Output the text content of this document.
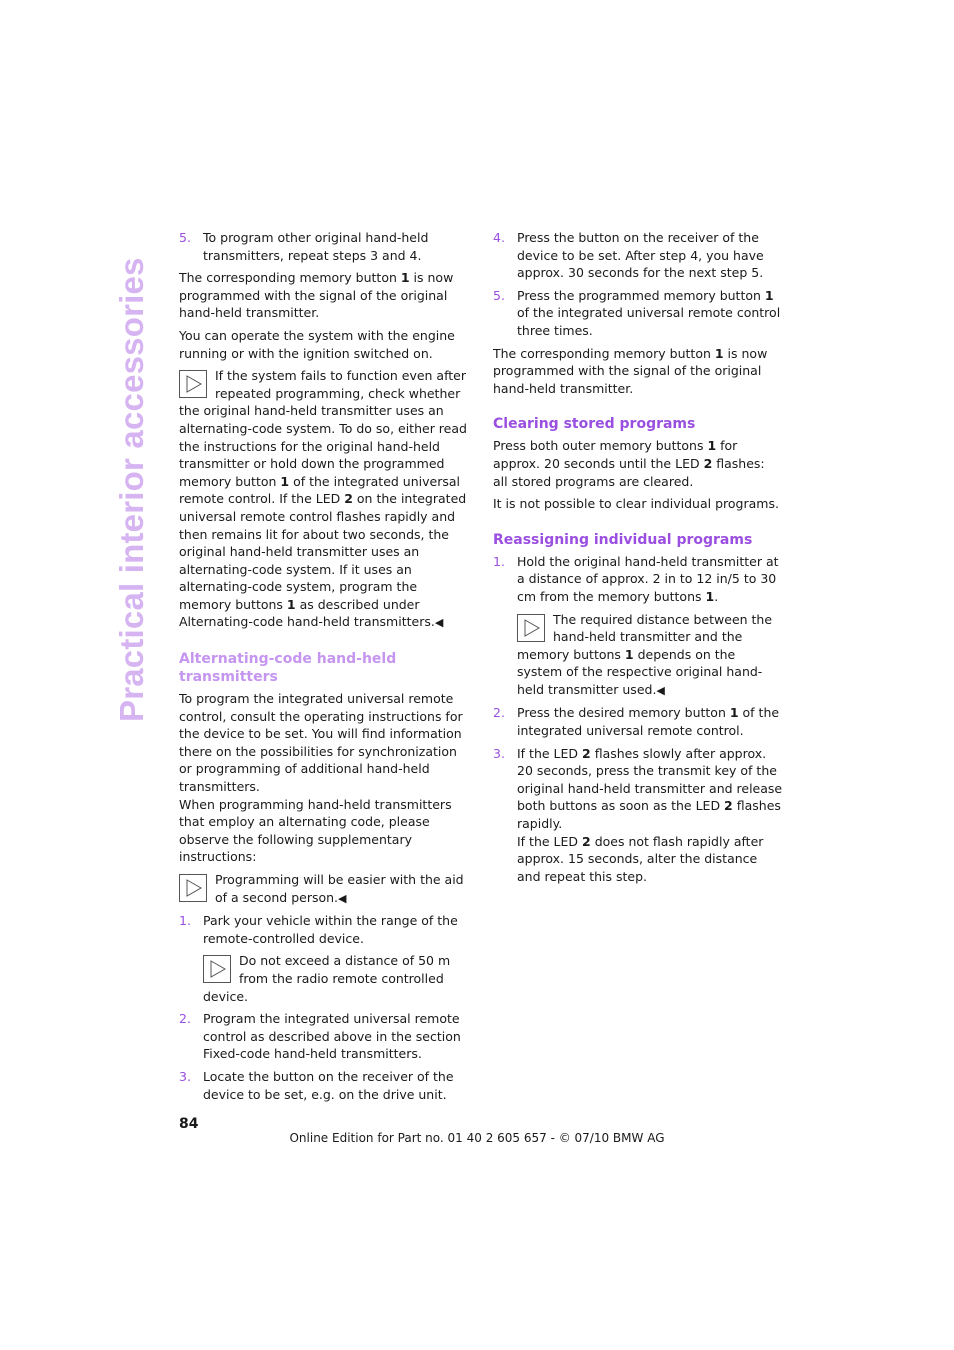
Practical interior accessories
5. To program other original hand-held transmitters, repeat steps 3 and 4.

The corresponding memory button 1 is now programmed with the signal of the original hand-held transmitter.

You can operate the system with the engine running or with the ignition switched on.

If the system fails to function even after repeated programming, check whether the original hand-held transmitter uses an alternating-code system. To do so, either read the instructions for the original hand-held transmitter or hold down the programmed memory button 1 of the integrated universal remote control. If the LED 2 on the integrated universal remote control flashes rapidly and then remains lit for about two seconds, the original hand-held transmitter uses an alternating-code system. If it uses an alternating-code system, program the memory buttons 1 as described under Alternating-code hand-held transmitters.◀
Alternating-code hand-held transmitters

To program the integrated universal remote control, consult the operating instructions for the device to be set. You will find information there on the possibilities for synchronization or programming of additional hand-held transmitters.

When programming hand-held transmitters that employ an alternating code, please observe the following supplementary instructions:

Programming will be easier with the aid of a second person.◀
1. Park your vehicle within the range of the remote-controlled device.
Do not exceed a distance of 50 m from the radio remote controlled device.
2. Program the integrated universal remote control as described above in the section Fixed-code hand-held transmitters.
3. Locate the button on the receiver of the device to be set, e.g. on the drive unit.
4. Press the button on the receiver of the device to be set. After step 4, you have approx. 30 seconds for the next step 5.
5. Press the programmed memory button 1 of the integrated universal remote control three times.

The corresponding memory button 1 is now programmed with the signal of the original hand-held transmitter.

Clearing stored programs

Press both outer memory buttons 1 for approx. 20 seconds until the LED 2 flashes: all stored programs are cleared.

It is not possible to clear individual programs.

Reassigning individual programs
1. Hold the original hand-held transmitter at a distance of approx. 2 in to 12 in/5 to 30 cm from the memory buttons 1.
The required distance between the hand-held transmitter and the memory buttons 1 depends on the system of the respective original hand-held transmitter used.◀
2. Press the desired memory button 1 of the integrated universal remote control.
3. If the LED 2 flashes slowly after approx. 20 seconds, press the transmit key of the original hand-held transmitter and release both buttons as soon as the LED 2 flashes rapidly.
If the LED 2 does not flash rapidly after approx. 15 seconds, alter the distance and repeat this step.
84
Online Edition for Part no. 01 40 2 605 657 - © 07/10 BMW AG
